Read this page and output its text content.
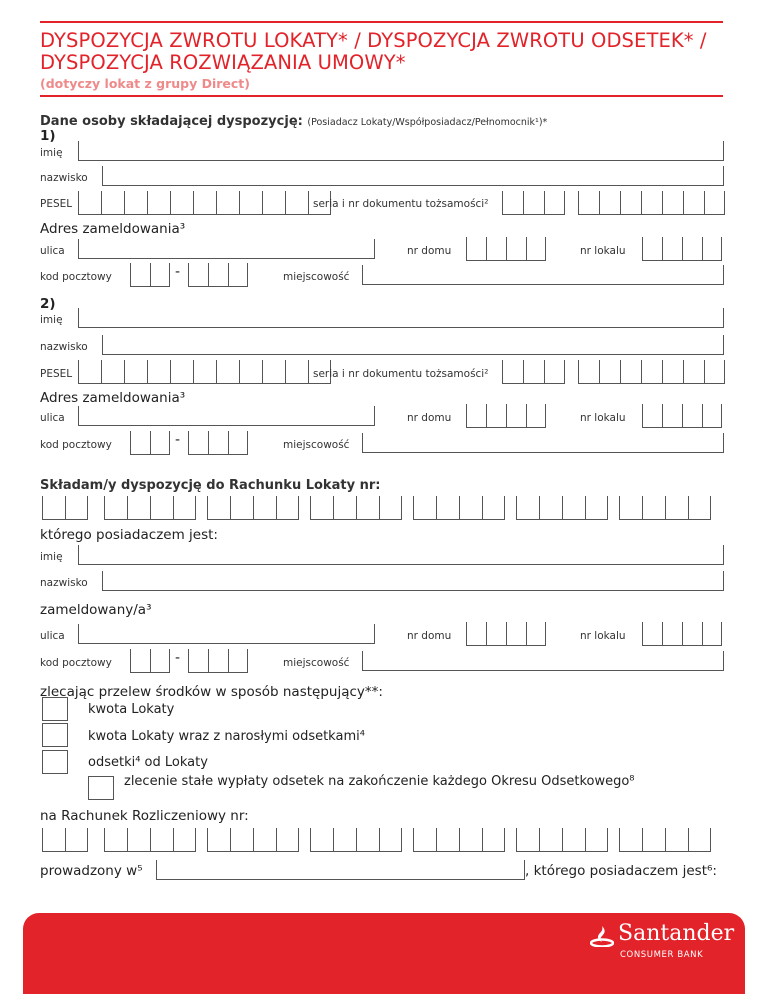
DYSPOZYCJA ZWROTU LOKATY* / DYSPOZYCJA ZWROTU ODSETEK* / DYSPOZYCJA ROZWIĄZANIA UMOWY*
(dotyczy lokat z grupy Direct)
Dane osoby składającej dyspozycję: (Posiadacz Lokaty/Współposiadacz/Pełnomocnik¹)*
1)
imię
nazwisko
PESEL	seria i nr dokumentu tożsamości²
Adres zameldowania³
ulica	nr domu	nr lokalu
kod pocztowy	-	miejscowość
2)
imię
nazwisko
PESEL	seria i nr dokumentu tożsamości²
Adres zameldowania³
ulica	nr domu	nr lokalu
kod pocztowy	-	miejscowość
Składam/y dyspozycję do Rachunku Lokaty nr:
którego posiadaczem jest:
imię
nazwisko
zameldowany/a³
ulica	nr domu	nr lokalu
kod pocztowy	-	miejscowość
zlecając przelew środków w sposób następujący**:
kwota Lokaty
kwota Lokaty wraz z narosłymi odsetkami⁴
odsetki⁴ od Lokaty
zlecenie stałe wypłaty odsetek na zakończenie każdego Okresu Odsetkowego⁸
na Rachunek Rozliczeniowy nr:
prowadzony w⁵	, którego posiadaczem jest⁶:
Santander
CONSUMER BANK
